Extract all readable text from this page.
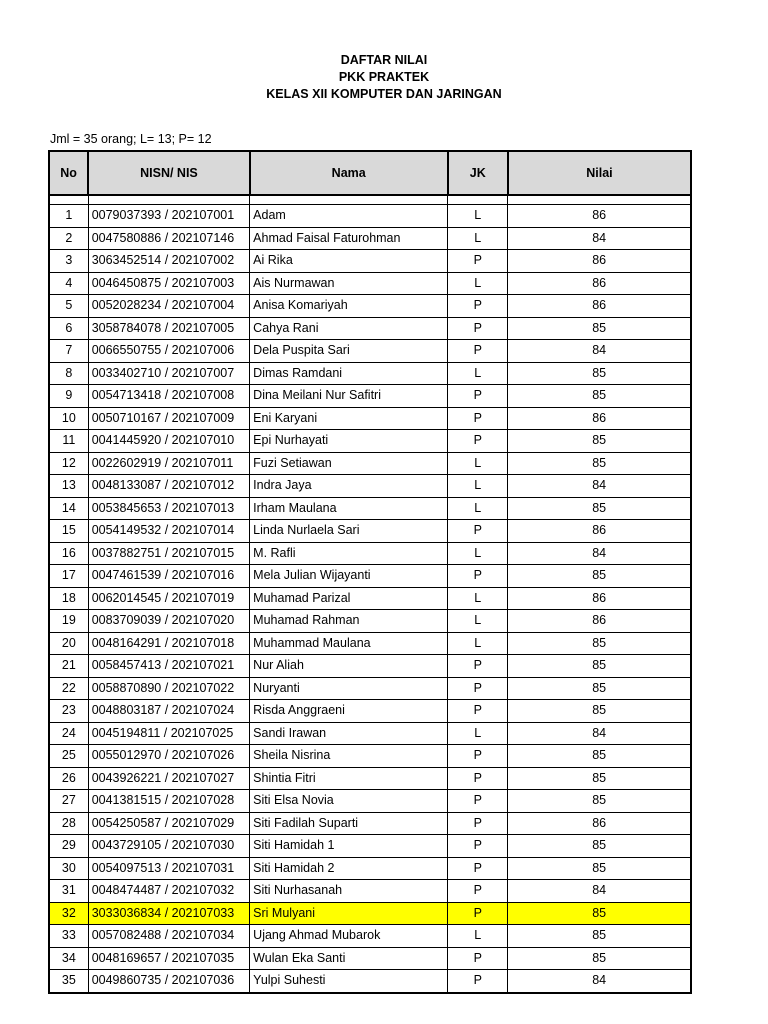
DAFTAR NILAI
PKK PRAKTEK
KELAS XII KOMPUTER DAN JARINGAN
Jml = 35 orang; L= 13; P= 12
No	NISN/ NIS	Nama	JK	Nilai

1	0079037393 / 202107001	Adam	L	86
2	0047580886 / 202107146	Ahmad Faisal Faturohman	L	84
3	3063452514 / 202107002	Ai Rika	P	86
4	0046450875 / 202107003	Ais Nurmawan	L	86
5	0052028234 / 202107004	Anisa Komariyah	P	86
6	3058784078 / 202107005	Cahya Rani	P	85
7	0066550755 / 202107006	Dela Puspita Sari	P	84
8	0033402710 / 202107007	Dimas Ramdani	L	85
9	0054713418 / 202107008	Dina Meilani Nur Safitri	P	85
10	0050710167 / 202107009	Eni Karyani	P	86
11	0041445920 / 202107010	Epi Nurhayati	P	85
12	0022602919 / 202107011	Fuzi Setiawan	L	85
13	0048133087 / 202107012	Indra Jaya	L	84
14	0053845653 / 202107013	Irham Maulana	L	85
15	0054149532 / 202107014	Linda Nurlaela Sari	P	86
16	0037882751 / 202107015	M. Rafli	L	84
17	0047461539 / 202107016	Mela Julian Wijayanti	P	85
18	0062014545 / 202107019	Muhamad Parizal	L	86
19	0083709039 / 202107020	Muhamad Rahman	L	86
20	0048164291 / 202107018	Muhammad Maulana	L	85
21	0058457413 / 202107021	Nur Aliah	P	85
22	0058870890 / 202107022	Nuryanti	P	85
23	0048803187 / 202107024	Risda Anggraeni	P	85
24	0045194811 / 202107025	Sandi Irawan	L	84
25	0055012970 / 202107026	Sheila Nisrina	P	85
26	0043926221 / 202107027	Shintia Fitri	P	85
27	0041381515 / 202107028	Siti Elsa Novia	P	85
28	0054250587 / 202107029	Siti Fadilah Suparti	P	86
29	0043729105 / 202107030	Siti Hamidah 1	P	85
30	0054097513 / 202107031	Siti Hamidah 2	P	85
31	0048474487 / 202107032	Siti Nurhasanah	P	84
32	3033036834 / 202107033	Sri Mulyani	P	85
33	0057082488 / 202107034	Ujang Ahmad Mubarok	L	85
34	0048169657 / 202107035	Wulan Eka Santi	P	85
35	0049860735 / 202107036	Yulpi Suhesti	P	84
